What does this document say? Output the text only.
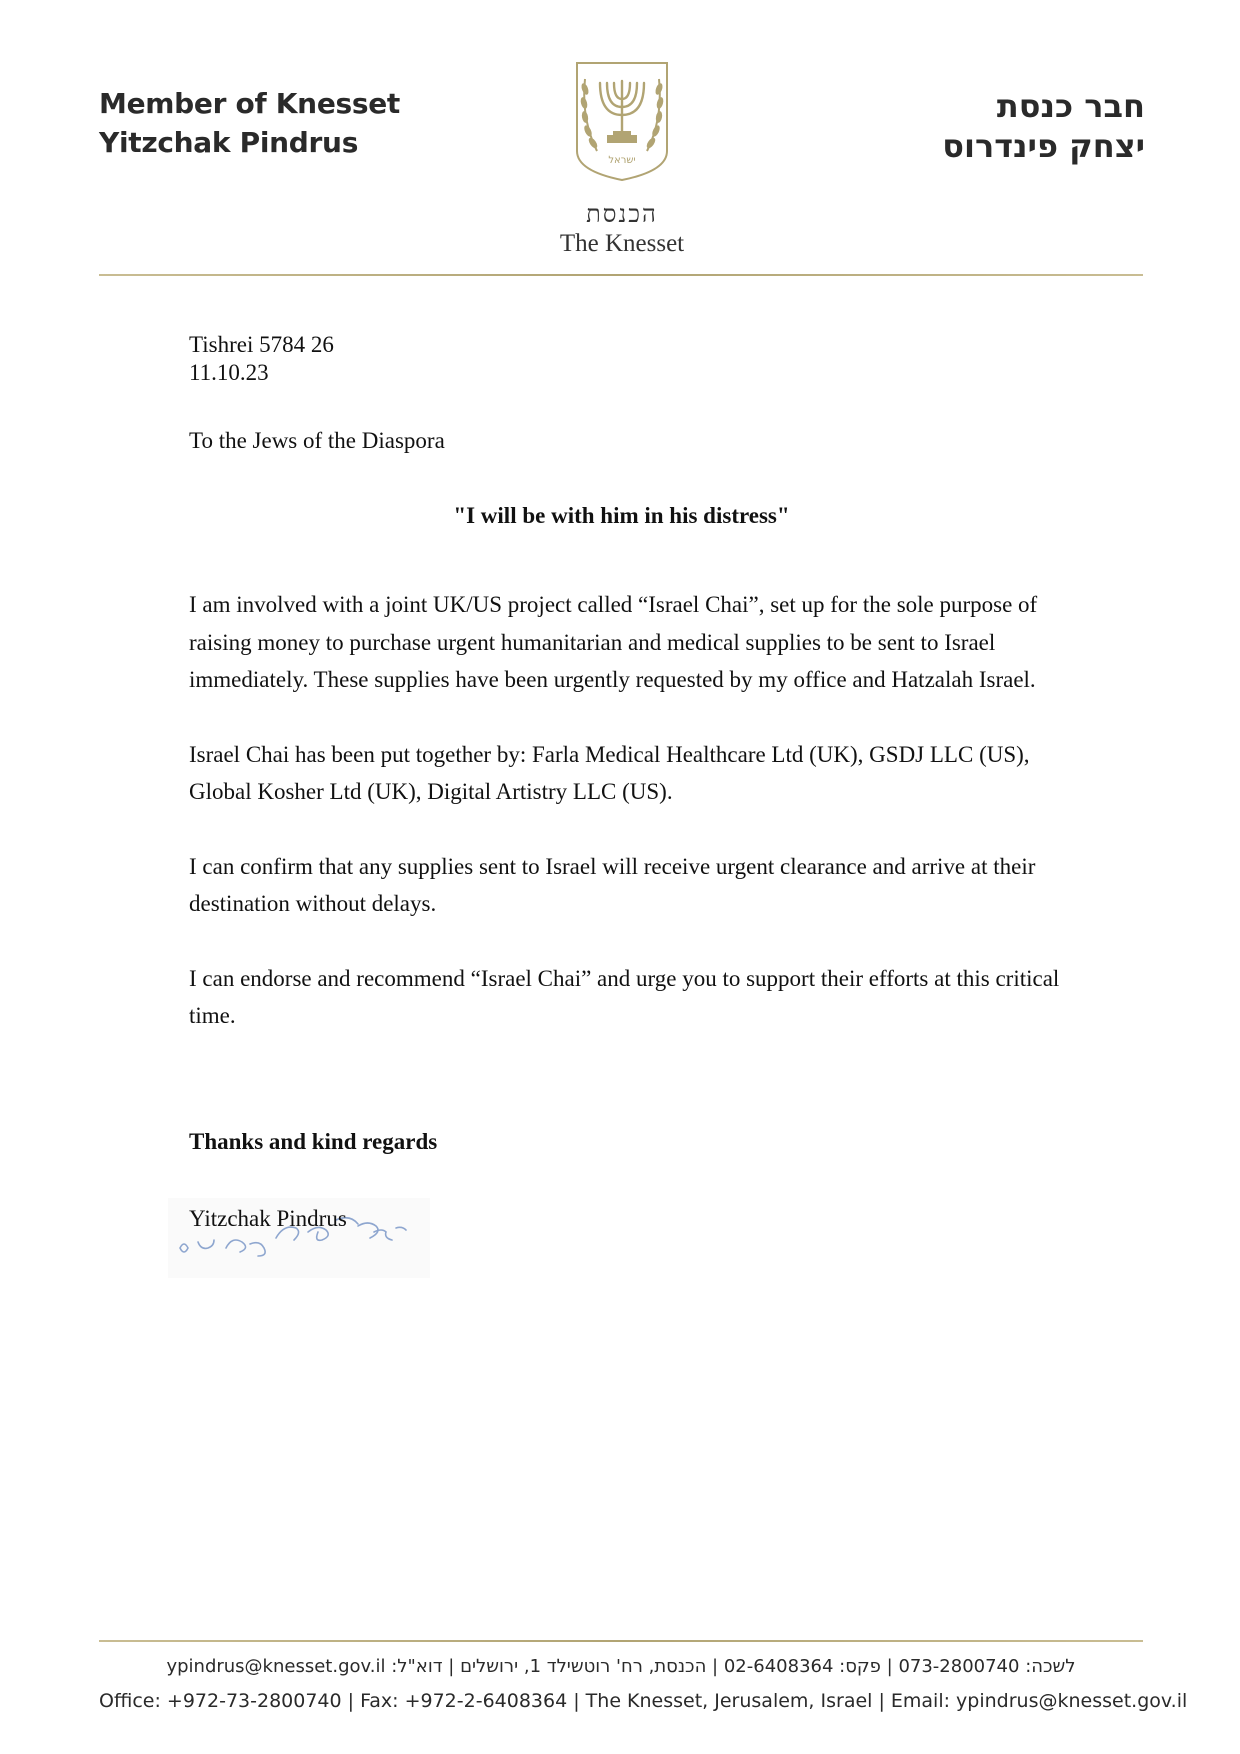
Member of Knesset
Yitzchak Pindrus
חבר כנסת
יצחק פינדרוס
ישראל
הכנסת
The Knesset
Tishrei 5784 26
11.10.23
To the Jews of the Diaspora
"I will be with him in his distress"

I am involved with a joint UK/US project called “Israel Chai”, set up for the sole purpose of raising money to purchase urgent humanitarian and medical supplies to be sent to Israel immediately. These supplies have been urgently requested by my office and Hatzalah Israel.

Israel Chai has been put together by: Farla Medical Healthcare Ltd (UK), GSDJ LLC (US), Global Kosher Ltd (UK), Digital Artistry LLC (US).

I can confirm that any supplies sent to Israel will receive urgent clearance and arrive at their destination without delays.

I can endorse and recommend “Israel Chai” and urge you to support their efforts at this critical time.

Thanks and kind regards
Yitzchak Pindrus
לשכה: 073-2800740 | פקס: 02-6408364 | הכנסת, רח' רוטשילד 1, ירושלים | דוא"ל: ypindrus@knesset.gov.il
Office: +972-73-2800740 | Fax: +972-2-6408364 | The Knesset, Jerusalem, Israel | Email: ypindrus@knesset.gov.il
